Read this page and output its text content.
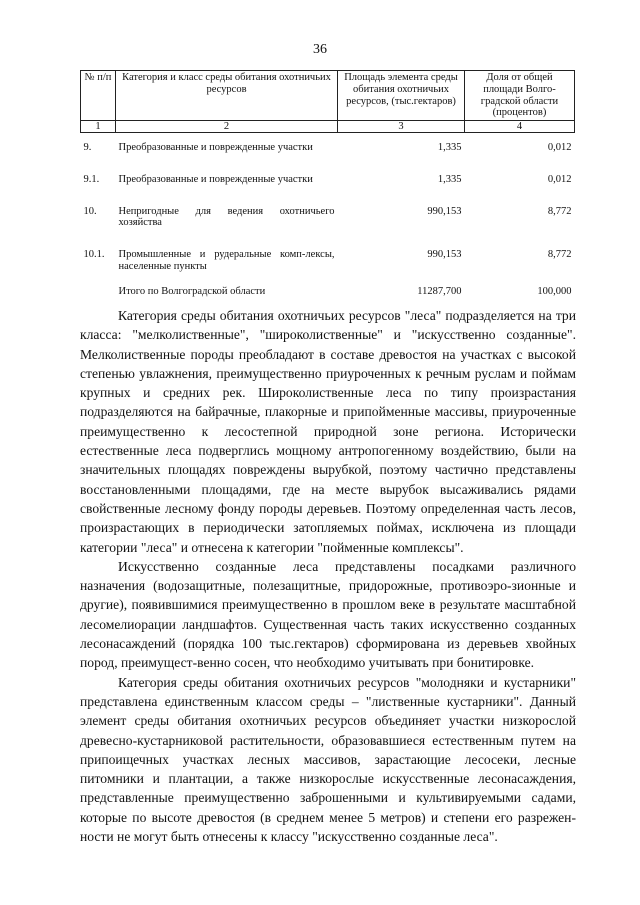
36
№ п/п	Категория и класс среды обитания охотничьих ресурсов	Площадь элемента среды обитания охотничьих ресурсов, (тыс.гектаров)	Доля от общей площади Волго-градской области (процентов)
1	2	3	4
9.	Преобразованные и поврежденные участки	1,335	0,012
9.1.	Преобразованные и поврежденные участки	1,335	0,012
10.	Непригодные для ведения охотничьего хозяйства	990,153	8,772
10.1.	Промышленные и рудеральные комп-лексы, населенные пункты	990,153	8,772
	Итого по Волгоградской области	11287,700	100,000

Категория среды обитания охотничьих ресурсов "леса" подразделяется на три класса: "мелколиственные", "широколиственные" и "искусственно созданные". Мелколиственные породы преобладают в составе древостоя на участках с высокой степенью увлажнения, преимущественно приуроченных к речным руслам и поймам крупных и средних рек. Широколиственные леса по типу произрастания подразделяются на байрачные, плакорные и припойменные массивы, приуроченные преимущественно к лесостепной природной зоне региона. Исторически естественные леса подверглись мощному антропогенному воздействию, были на значительных площадях повреждены вырубкой, поэтому частично представлены восстановленными площадями, где на месте вырубок высаживались рядами свойственные лесному фонду породы деревьев. Поэтому определенная часть лесов, произрастающих в периодически затопляемых поймах, исключена из площади категории "леса" и отнесена к категории "пойменные комплексы".

Искусственно созданные леса представлены посадками различного назначения (водозащитные, полезащитные, придорожные, противоэро-зионные и другие), появившимися преимущественно в прошлом веке в результате масштабной лесомелиорации ландшафтов. Существенная часть таких искусственно созданных лесонасаждений (порядка 100 тыс.гектаров) сформирована из деревьев хвойных пород, преимущест-венно сосен, что необходимо учитывать при бонитировке.

Категория среды обитания охотничьих ресурсов "молодняки и кустарники" представлена единственным классом среды – "лиственные кустарники". Данный элемент среды обитания охотничьих ресурсов объединяет участки низкорослой древесно-кустарниковой растительности, образовавшиеся естественным путем на припоищечных участках лесных массивов, зарастающие лесосеки, лесные питомники и плантации, а также низкорослые искусственные лесонасаждения, представленные преимущественно заброшенными и культивируемыми садами, которые по высоте древостоя (в среднем менее 5 метров) и степени его разрежен-ности не могут быть отнесены к классу "искусственно созданные леса".
